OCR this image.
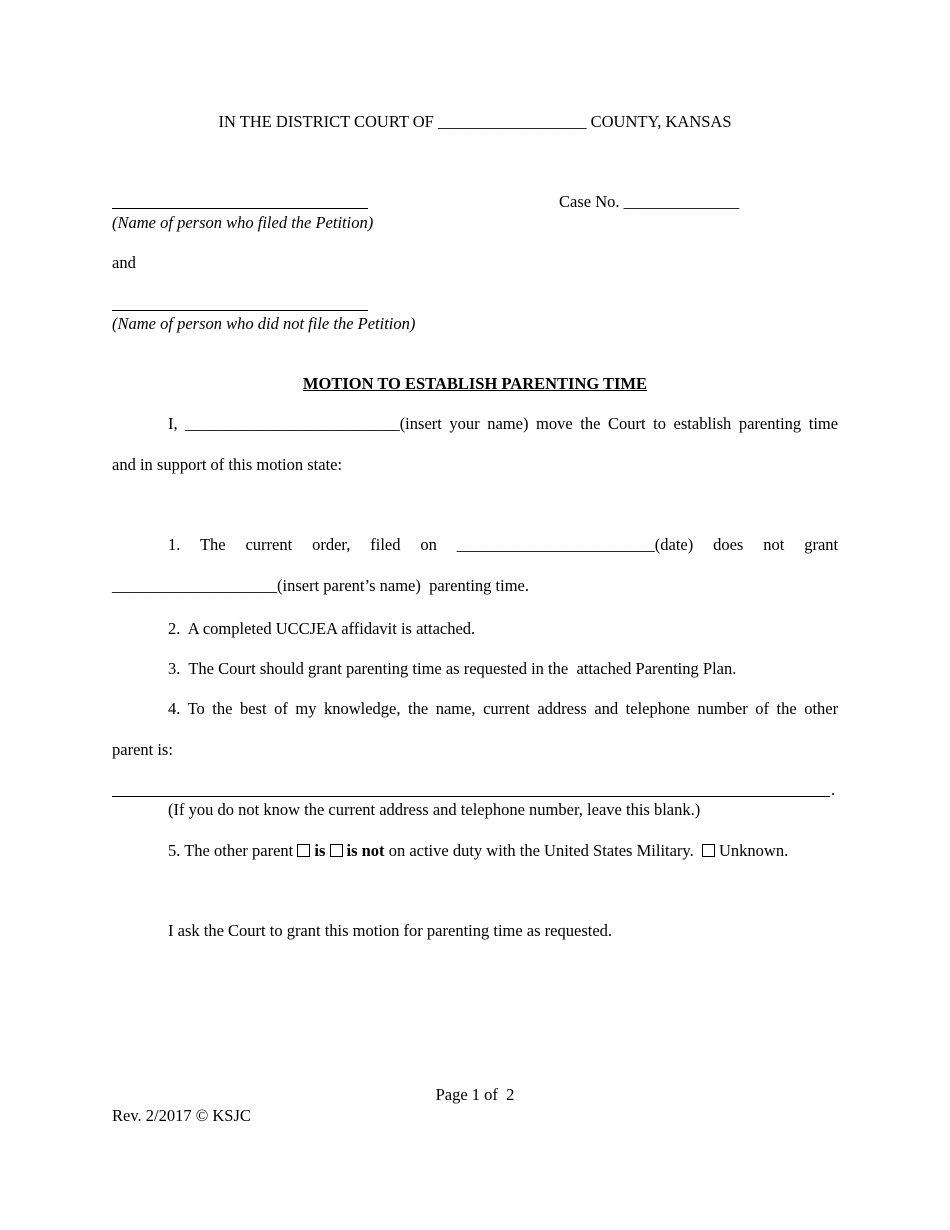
IN THE DISTRICT COURT OF __________________ COUNTY, KANSAS
Case No. ______________
(Name of person who filed the Petition)
and
(Name of person who did not file the Petition)
MOTION TO ESTABLISH PARENTING TIME
I, __________________________(insert your name) move the Court to establish parenting time
and in support of this motion state:
1. The current order, filed on ________________________(date) does not grant
____________________(insert parent’s name)  parenting time.
2.  A completed UCCJEA affidavit is attached.
3.  The Court should grant parenting time as requested in the  attached Parenting Plan.
4. To the best of my knowledge, the name, current address and telephone number of the other
parent is:
.
(If you do not know the current address and telephone number, leave this blank.)
5. The other parent is is not on active duty with the United States Military. Unknown.
I ask the Court to grant this motion for parenting time as requested.
Page 1 of  2
Rev. 2/2017 © KSJC
